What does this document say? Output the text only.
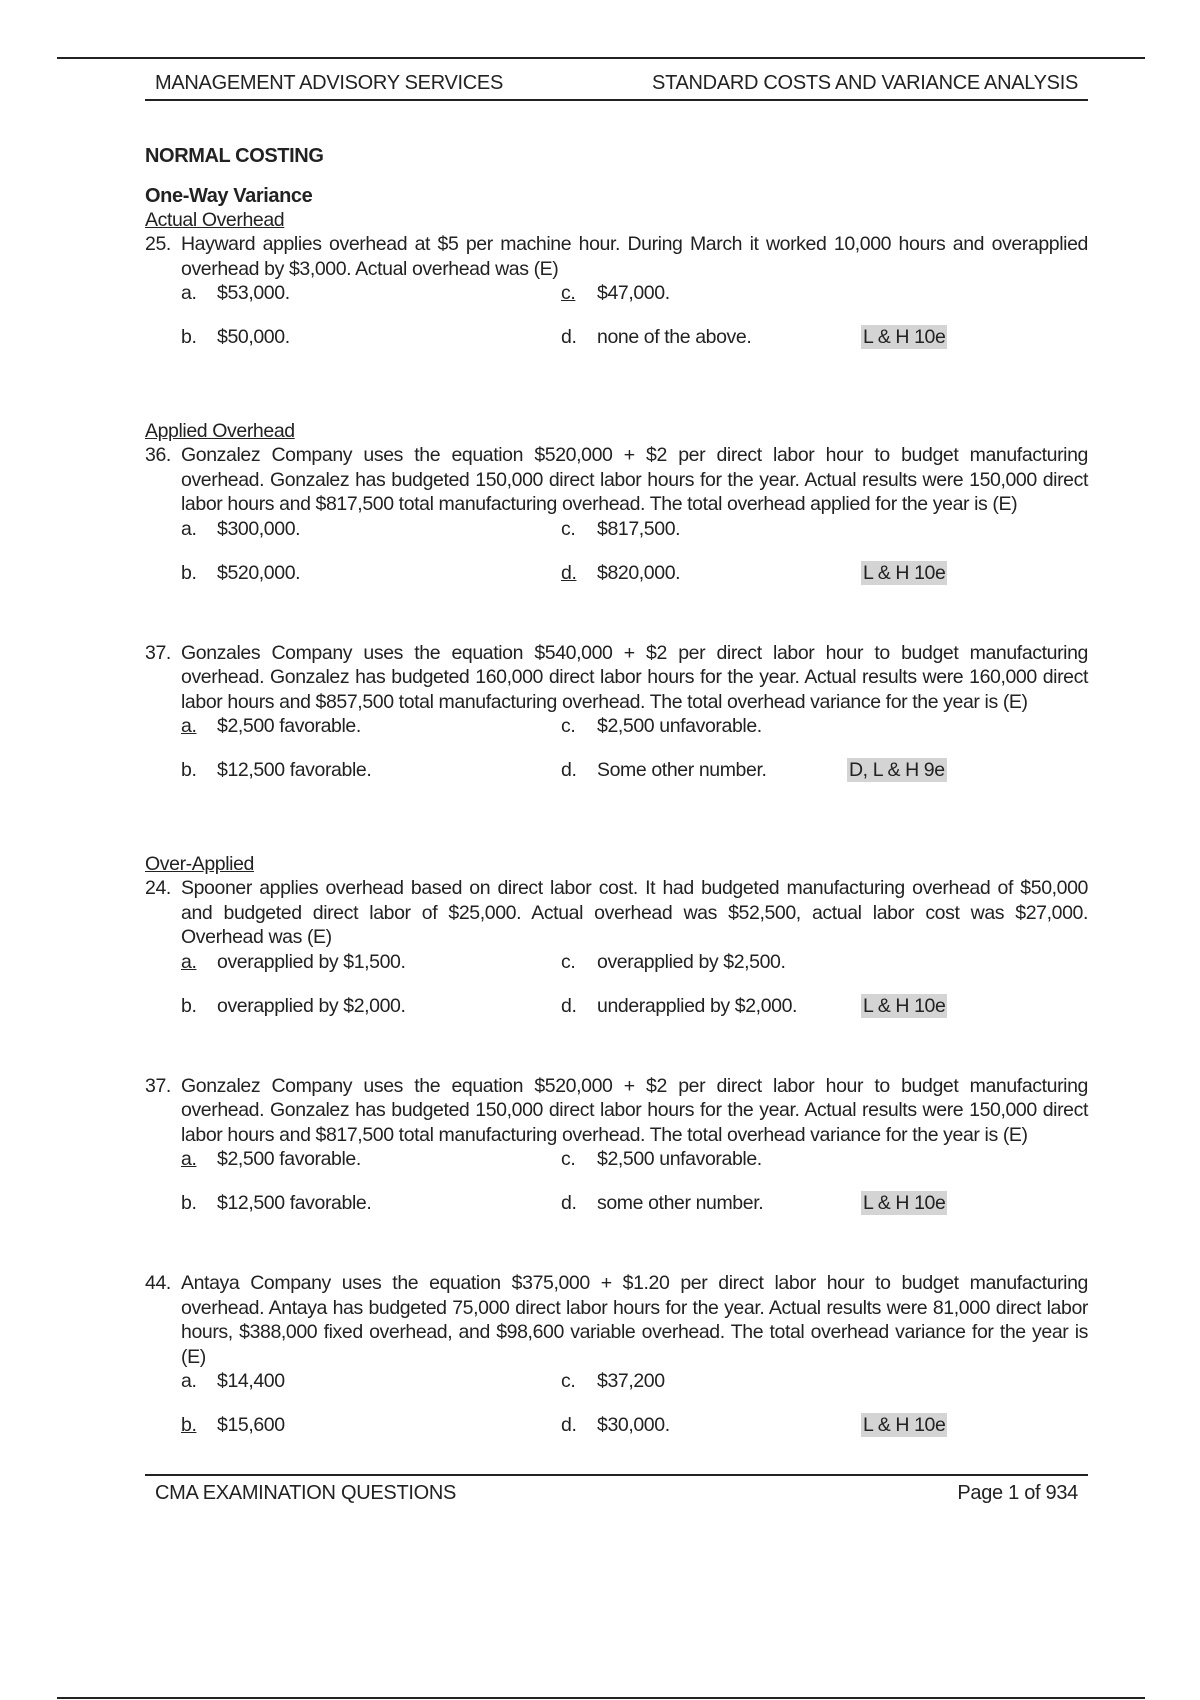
MANAGEMENT ADVISORY SERVICES	STANDARD COSTS AND VARIANCE ANALYSIS
NORMAL COSTING
One-Way Variance
Actual Overhead
25. Hayward applies overhead at $5 per machine hour. During March it worked 10,000 hours and overapplied overhead by $3,000. Actual overhead was (E)
a.	$53,000.	c.	$47,000.
b.	$50,000.	d.	none of the above.	L & H 10e
Applied Overhead
36. Gonzalez Company uses the equation $520,000 + $2 per direct labor hour to budget manufacturing overhead. Gonzalez has budgeted 150,000 direct labor hours for the year. Actual results were 150,000 direct labor hours and $817,500 total manufacturing overhead. The total overhead applied for the year is (E)
a.	$300,000.	c.	$817,500.
b.	$520,000.	d.	$820,000.	L & H 10e
37. Gonzales Company uses the equation $540,000 + $2 per direct labor hour to budget manufacturing overhead. Gonzalez has budgeted 160,000 direct labor hours for the year. Actual results were 160,000 direct labor hours and $857,500 total manufacturing overhead. The total overhead variance for the year is (E)
a.	$2,500 favorable.	c.	$2,500 unfavorable.
b.	$12,500 favorable.	d.	Some other number.	D, L & H 9e
Over-Applied
24. Spooner applies overhead based on direct labor cost. It had budgeted manufacturing overhead of $50,000 and budgeted direct labor of $25,000. Actual overhead was $52,500, actual labor cost was $27,000. Overhead was (E)
a.	overapplied by $1,500.	c.	overapplied by $2,500.
b.	overapplied by $2,000.	d.	underapplied by $2,000.	L & H 10e
37. Gonzalez Company uses the equation $520,000 + $2 per direct labor hour to budget manufacturing overhead. Gonzalez has budgeted 150,000 direct labor hours for the year. Actual results were 150,000 direct labor hours and $817,500 total manufacturing overhead. The total overhead variance for the year is (E)
a.	$2,500 favorable.	c.	$2,500 unfavorable.
b.	$12,500 favorable.	d.	some other number.	L & H 10e
44. Antaya Company uses the equation $375,000 + $1.20 per direct labor hour to budget manufacturing overhead. Antaya has budgeted 75,000 direct labor hours for the year. Actual results were 81,000 direct labor hours, $388,000 fixed overhead, and $98,600 variable overhead. The total overhead variance for the year is (E)
a.	$14,400	c.	$37,200
b.	$15,600	d.	$30,000.	L & H 10e
CMA EXAMINATION QUESTIONS	Page 1 of 934
